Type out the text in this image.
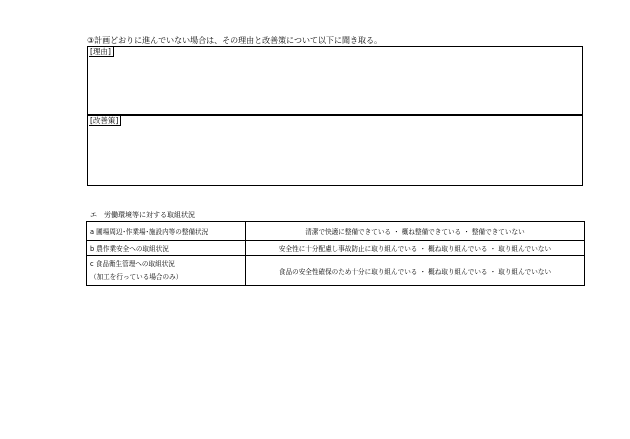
③計画どおりに進んでいない場合は、その理由と改善策について以下に聞き取る。
[理由]
[改善策]
エ　労働環境等に対する取組状況
a 圃場周辺･作業場･施設内等の整備状況	清潔で快適に整備できている ・ 概ね整備できている ・ 整備できていない
b 農作業安全への取組状況	安全性に十分配慮し事故防止に取り組んでいる ・ 概ね取り組んでいる ・ 取り組んでいない

c 食品衛生管理への取組状況
（加工を行っている場合のみ）	食品の安全性確保のため十分に取り組んでいる ・ 概ね取り組んでいる ・ 取り組んでいない
